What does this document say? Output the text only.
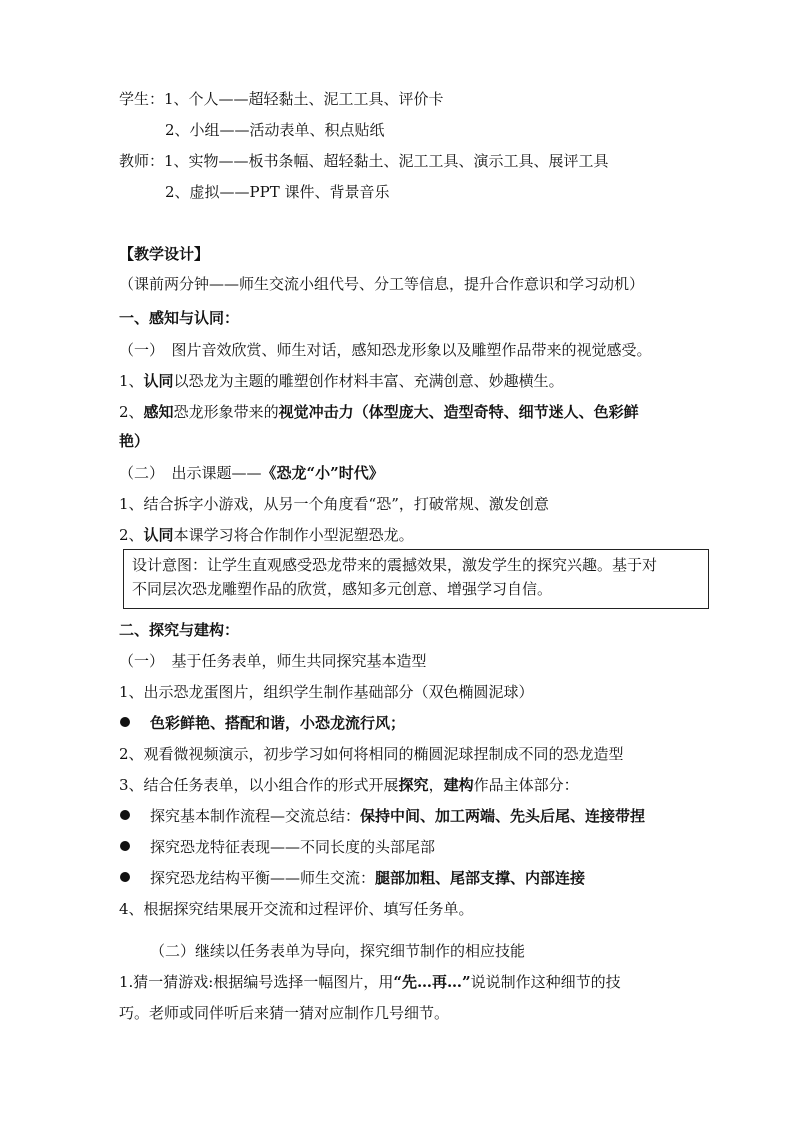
学生：1、个人——超轻黏土、泥工工具、评价卡
2、小组——活动表单、积点贴纸
教师：1、实物——板书条幅、超轻黏土、泥工工具、演示工具、展评工具
2、虚拟——PPT 课件、背景音乐
【教学设计】
（课前两分钟——师生交流小组代号、分工等信息，提升合作意识和学习动机）
一、感知与认同：
（一）　图片音效欣赏、师生对话，感知恐龙形象以及雕塑作品带来的视觉感受。
1、认同以恐龙为主题的雕塑创作材料丰富、充满创意、妙趣横生。
2、感知恐龙形象带来的视觉冲击力（体型庞大、造型奇特、细节迷人、色彩鲜
艳）
（二）　出示课题——《恐龙“小”时代》
1、结合拆字小游戏，从另一个角度看“恐”，打破常规、激发创意
2、认同本课学习将合作制作小型泥塑恐龙。
设计意图：让学生直观感受恐龙带来的震撼效果，激发学生的探究兴趣。基于对
不同层次恐龙雕塑作品的欣赏，感知多元创意、增强学习自信。
二、探究与建构：
（一）　基于任务表单，师生共同探究基本造型
1、出示恐龙蛋图片，组织学生制作基础部分（双色椭圆泥球）
色彩鲜艳、搭配和谐，小恐龙流行风；
2、观看微视频演示，初步学习如何将相同的椭圆泥球捏制成不同的恐龙造型
3、结合任务表单，以小组合作的形式开展探究，建构作品主体部分：
探究基本制作流程—交流总结：保持中间、加工两端、先头后尾、连接带捏
探究恐龙特征表现——不同长度的头部尾部
探究恐龙结构平衡——师生交流：腿部加粗、尾部支撑、内部连接
4、根据探究结果展开交流和过程评价、填写任务单。
（二）继续以任务表单为导向，探究细节制作的相应技能
1.猜一猜游戏:根据编号选择一幅图片，用“先…再…”说说制作这种细节的技
巧。老师或同伴听后来猜一猜对应制作几号细节。
